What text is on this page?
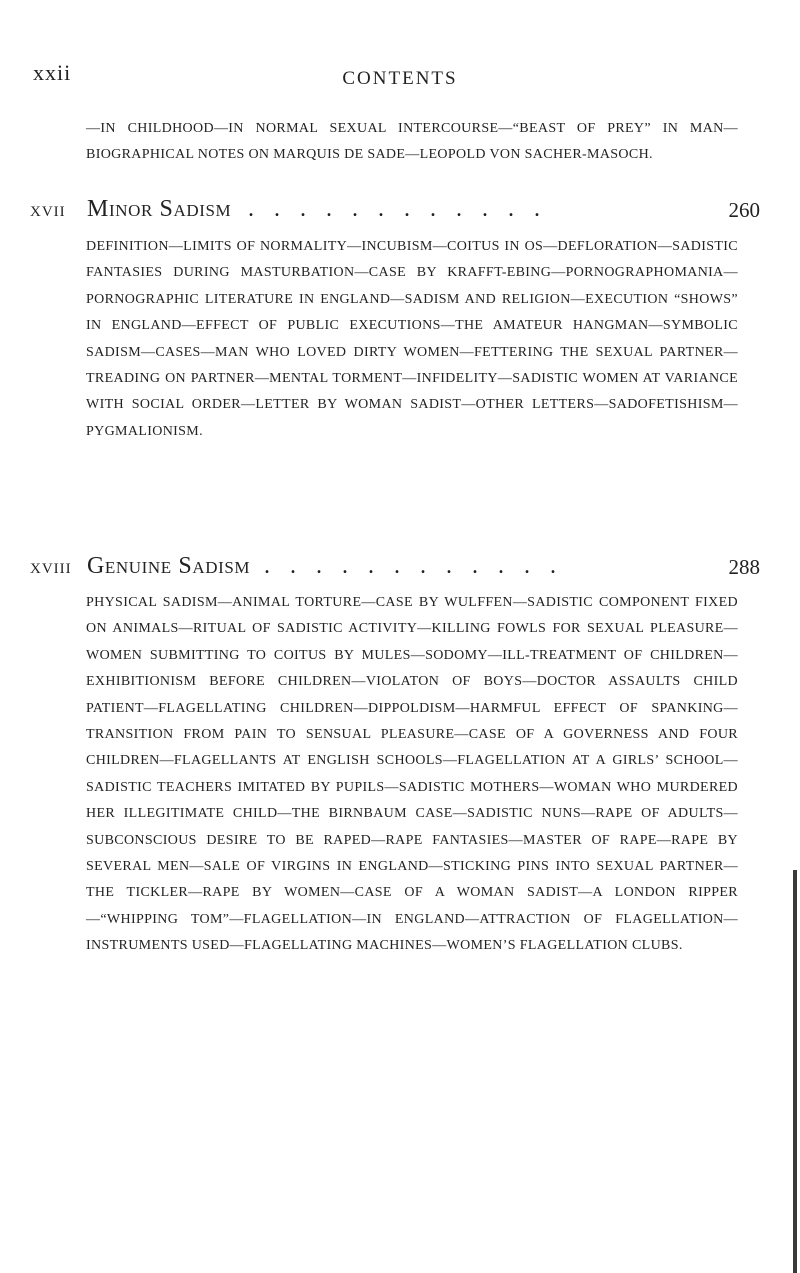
xxii	CONTENTS

—IN CHILDHOOD—IN NORMAL SEXUAL INTERCOURSE—“BEAST OF PREY” IN MAN—BIOGRAPHICAL NOTES ON MARQUIS DE SADE—LEOPOLD VON SACHER-MASOCH.

XVII Minor Sadism . . . . . . . . . . . .	260

DEFINITION—LIMITS OF NORMALITY—INCUBISM—COITUS IN OS—DEFLORATION—SADISTIC FANTASIES DURING MASTURBATION—CASE BY KRAFFT-EBING—PORNOGRAPHOMANIA—PORNOGRAPHIC LITERATURE IN ENGLAND—SADISM AND RELIGION—EXECUTION “SHOWS” IN ENGLAND—EFFECT OF PUBLIC EXECUTIONS—THE AMATEUR HANGMAN—SYMBOLIC SADISM—CASES—MAN WHO LOVED DIRTY WOMEN—FETTERING THE SEXUAL PARTNER—TREADING ON PARTNER—MENTAL TORMENT—INFIDELITY—SADISTIC WOMEN AT VARIANCE WITH SOCIAL ORDER—LETTER BY WOMAN SADIST—OTHER LETTERS—SADOFETISHISM—PYGMALIONISM.

XVIII Genuine Sadism . . . . . . . . . . . .	288

PHYSICAL SADISM—ANIMAL TORTURE—CASE BY WULFFEN—SADISTIC COMPONENT FIXED ON ANIMALS—RITUAL OF SADISTIC ACTIVITY—KILLING FOWLS FOR SEXUAL PLEASURE—WOMEN SUBMITTING TO COITUS BY MULES—SODOMY—ILL-TREATMENT OF CHILDREN—EXHIBITIONISM BEFORE CHILDREN—VIOLATON OF BOYS—DOCTOR ASSAULTS CHILD PATIENT—FLAGELLATING CHILDREN—DIPPOLDISM—HARMFUL EFFECT OF SPANKING—TRANSITION FROM PAIN TO SENSUAL PLEASURE—CASE OF A GOVERNESS AND FOUR CHILDREN—FLAGELLANTS AT ENGLISH SCHOOLS—FLAGELLATION AT A GIRLS’ SCHOOL—SADISTIC TEACHERS IMITATED BY PUPILS—SADISTIC MOTHERS—WOMAN WHO MURDERED HER ILLEGITIMATE CHILD—THE BIRNBAUM CASE—SADISTIC NUNS—RAPE OF ADULTS—SUBCONSCIOUS DESIRE TO BE RAPED—RAPE FANTASIES—MASTER OF RAPE—RAPE BY SEVERAL MEN—SALE OF VIRGINS IN ENGLAND—STICKING PINS INTO SEXUAL PARTNER—THE TICKLER—RAPE BY WOMEN—CASE OF A WOMAN SADIST—A LONDON RIPPER—“WHIPPING TOM”—FLAGELLATION—IN ENGLAND—ATTRACTION OF FLAGELLATION—INSTRUMENTS USED—FLAGELLATING MACHINES—WOMEN’S FLAGELLATION CLUBS.
